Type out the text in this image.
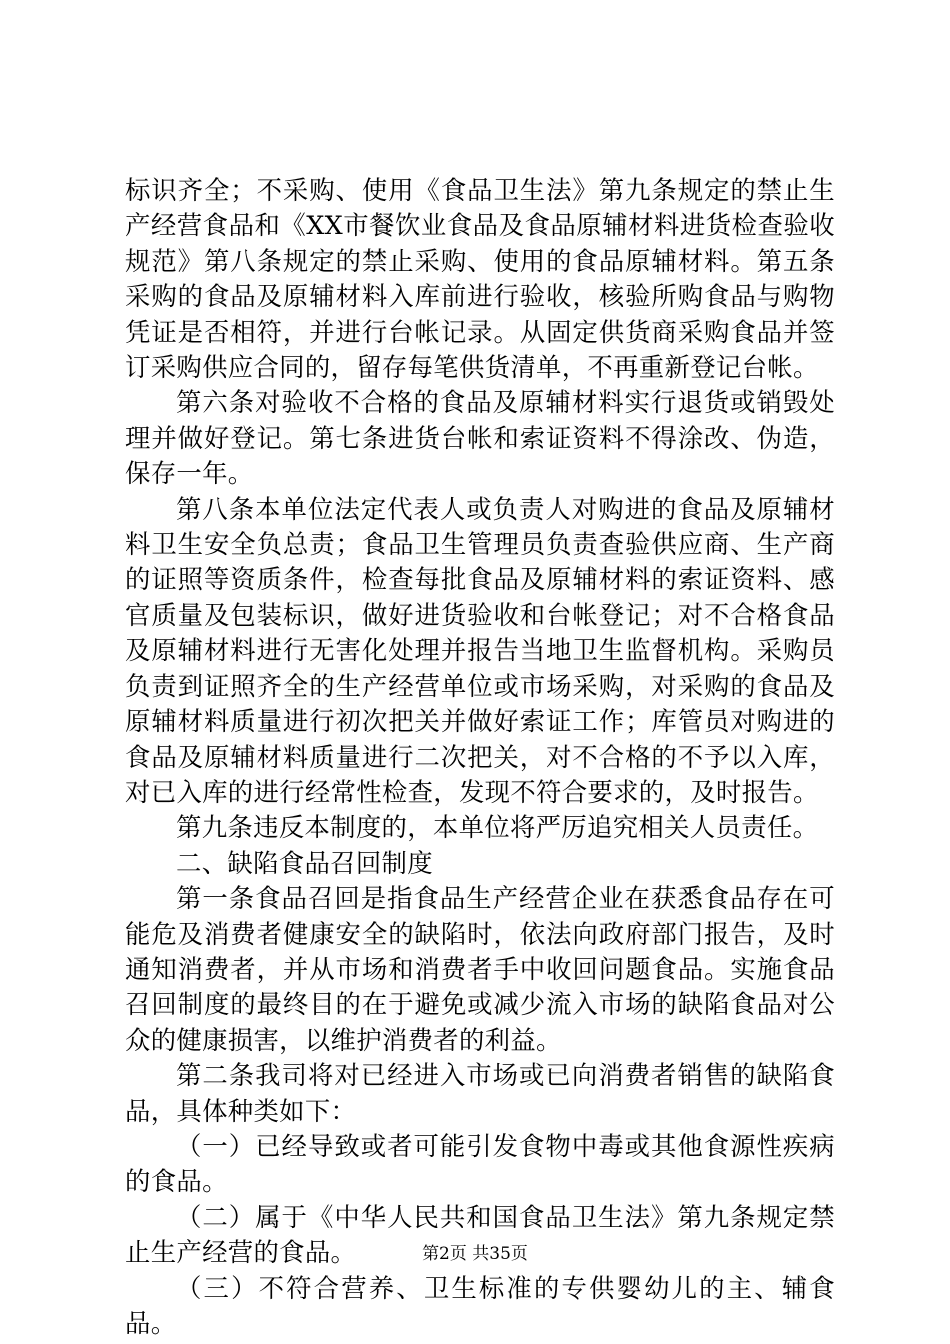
标识齐全；不采购、使用《食品卫生法》第九条规定的禁止生产经营食品和《XX市餐饮业食品及食品原辅材料进货检查验收规范》第八条规定的禁止采购、使用的食品原辅材料。第五条采购的食品及原辅材料入库前进行验收，核验所购食品与购物凭证是否相符，并进行台帐记录。从固定供货商采购食品并签订采购供应合同的，留存每笔供货清单，不再重新登记台帐。

第六条对验收不合格的食品及原辅材料实行退货或销毁处理并做好登记。第七条进货台帐和索证资料不得涂改、伪造，保存一年。

第八条本单位法定代表人或负责人对购进的食品及原辅材料卫生安全负总责；食品卫生管理员负责查验供应商、生产商的证照等资质条件，检查每批食品及原辅材料的索证资料、感官质量及包装标识，做好进货验收和台帐登记；对不合格食品及原辅材料进行无害化处理并报告当地卫生监督机构。采购员负责到证照齐全的生产经营单位或市场采购，对采购的食品及原辅材料质量进行初次把关并做好索证工作；库管员对购进的食品及原辅材料质量进行二次把关，对不合格的不予以入库，对已入库的进行经常性检查，发现不符合要求的，及时报告。

第九条违反本制度的，本单位将严厉追究相关人员责任。

二、缺陷食品召回制度

第一条食品召回是指食品生产经营企业在获悉食品存在可能危及消费者健康安全的缺陷时，依法向政府部门报告，及时通知消费者，并从市场和消费者手中收回问题食品。实施食品召回制度的最终目的在于避免或减少流入市场的缺陷食品对公众的健康损害，以维护消费者的利益。

第二条我司将对已经进入市场或已向消费者销售的缺陷食品，具体种类如下：

（一）已经导致或者可能引发食物中毒或其他食源性疾病的食品。

（二）属于《中华人民共和国食品卫生法》第九条规定禁止生产经营的食品。

（三）不符合营养、卫生标准的专供婴幼儿的主、辅食品。

第2页 共35页
